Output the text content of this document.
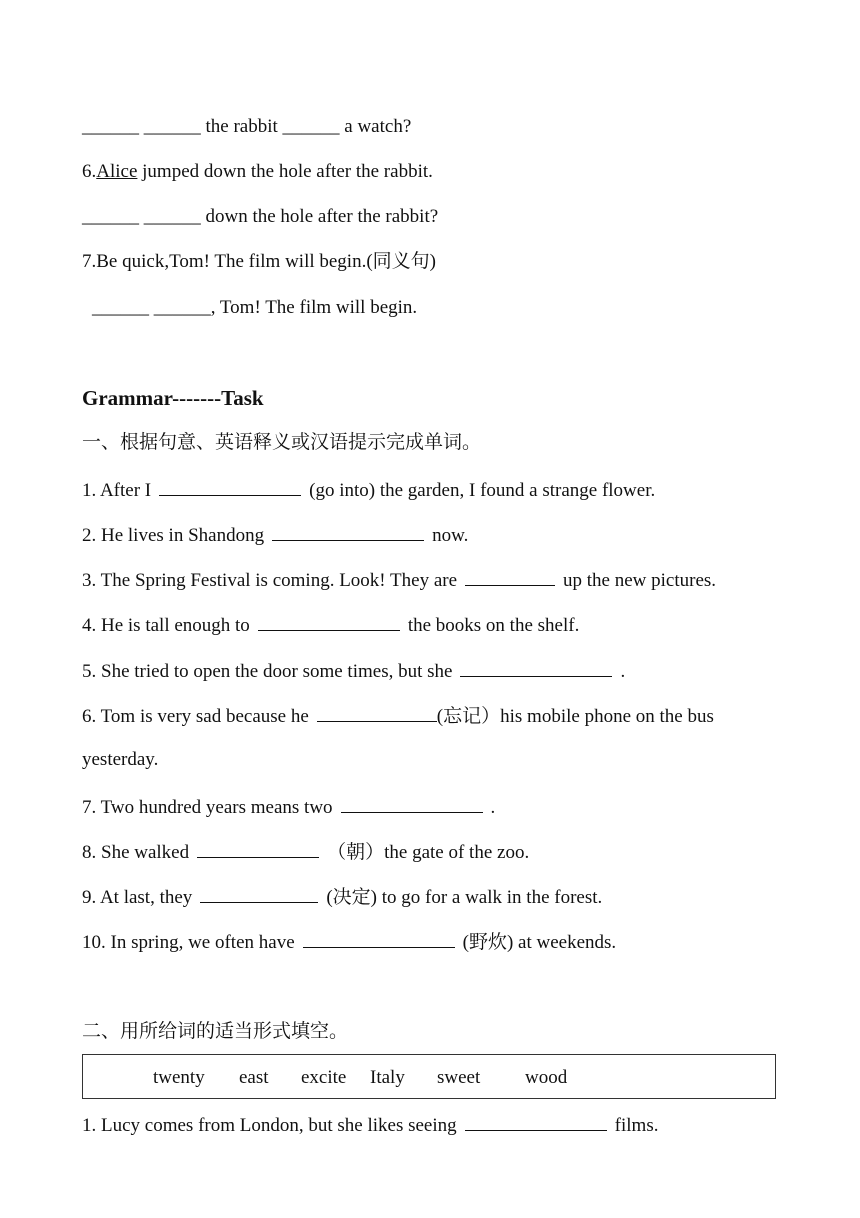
______ ______ the rabbit ______ a watch?
6.Alice jumped down the hole after the rabbit.
______ ______ down the hole after the rabbit?
7.Be quick,Tom! The film will begin.(同义句)
______ ______, Tom! The film will begin.
Grammar-------Task
一、根据句意、英语释义或汉语提示完成单词。
1. After I	(go into) the garden, I found a strange flower.
2. He lives in Shandong	now.
3. The Spring Festival is coming. Look! They are	up the new pictures.
4. He is tall enough to	the books on the shelf.
5. She tried to open the door some times, but she	.
6. Tom is very sad because he	(忘记）his mobile phone on the bus
yesterday.
7. Two hundred years means two	.
8. She walked	（朝）the gate of the zoo.
9. At last, they	(决定) to go for a walk in the forest.
10. In spring, we often have	(野炊) at weekends.
二、用所给词的适当形式填空。
twenty east excite Italy sweet wood
1. Lucy comes from London, but she likes seeing	films.
